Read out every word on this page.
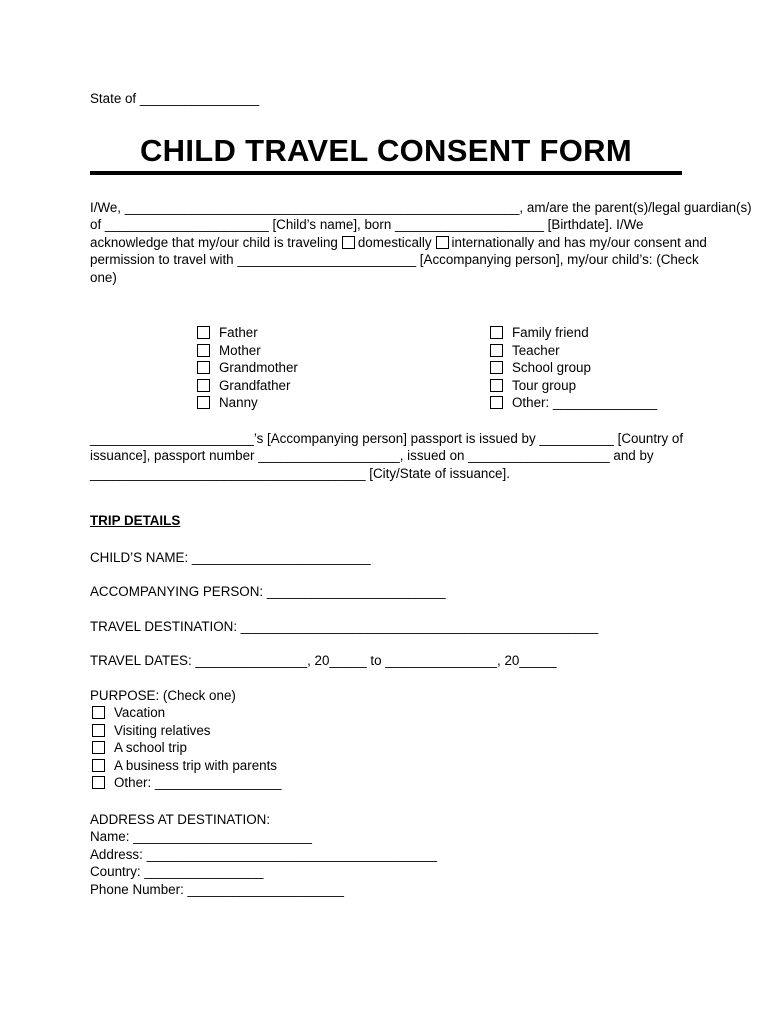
State of ________________
CHILD TRAVEL CONSENT FORM
I/We, _____________________________________________________, am/are the parent(s)/legal guardian(s)
of ______________________ [Child’s name], born ____________________ [Birthdate]. I/We
acknowledge that my/our child is traveling domestically internationally and has my/our consent and
permission to travel with ________________________ [Accompanying person], my/our child’s: (Check
one)
Father
Mother
Grandmother
Grandfather
Nanny
Family friend
Teacher
School group
Tour group
Other: ______________
______________________’s [Accompanying person] passport is issued by __________ [Country of
issuance], passport number ___________________, issued on ___________________ and by
_____________________________________ [City/State of issuance].
TRIP DETAILS
CHILD’S NAME: ________________________
ACCOMPANYING PERSON: ________________________
TRAVEL DESTINATION: ________________________________________________
TRAVEL DATES: _______________, 20_____ to _______________, 20_____
PURPOSE: (Check one)
Vacation
Visiting relatives
A school trip
A business trip with parents
Other: _________________
ADDRESS AT DESTINATION:
Name: ________________________
Address: _______________________________________
Country: ________________
Phone Number: _____________________
